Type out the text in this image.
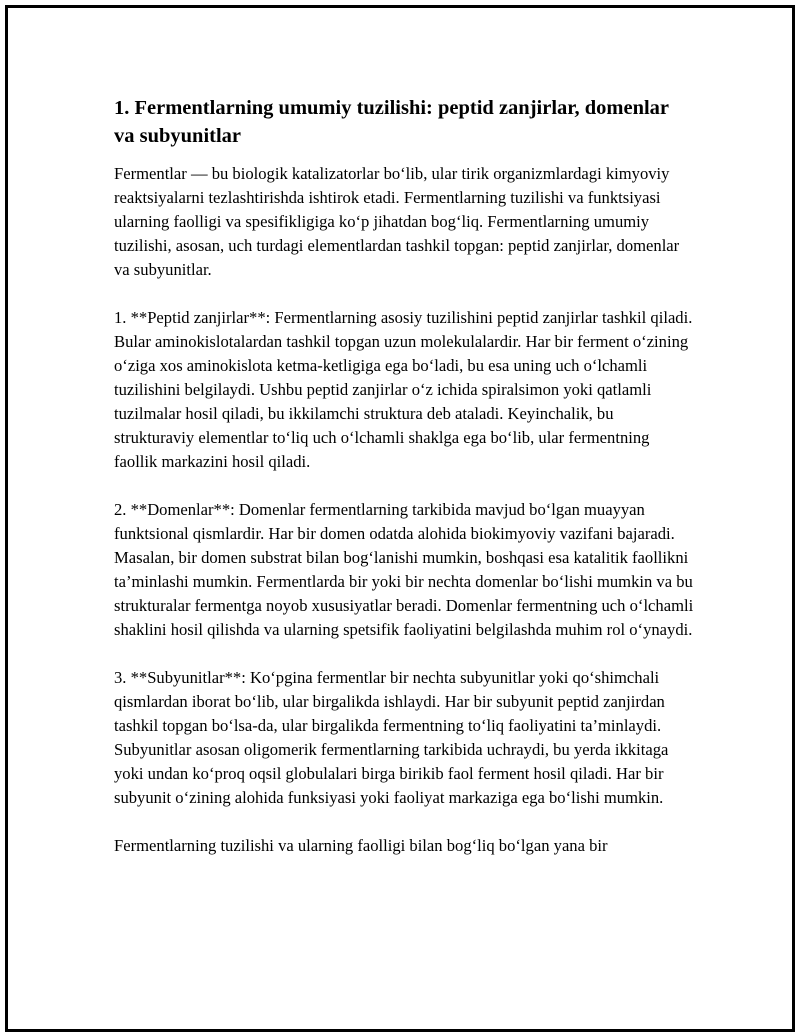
1. Fermentlarning umumiy tuzilishi: peptid zanjirlar, domenlar va subyunitlar

Fermentlar — bu biologik katalizatorlar bo‘lib, ular tirik organizmlardagi kimyoviy reaktsiyalarni tezlashtirishda ishtirok etadi. Fermentlarning tuzilishi va funktsiyasi ularning faolligi va spesifikligiga ko‘p jihatdan bog‘liq. Fermentlarning umumiy tuzilishi, asosan, uch turdagi elementlardan tashkil topgan: peptid zanjirlar, domenlar va subyunitlar.

1. **Peptid zanjirlar**: Fermentlarning asosiy tuzilishini peptid zanjirlar tashkil qiladi. Bular aminokislotalardan tashkil topgan uzun molekulalardir. Har bir ferment o‘zining o‘ziga xos aminokislota ketma-ketligiga ega bo‘ladi, bu esa uning uch o‘lchamli tuzilishini belgilaydi. Ushbu peptid zanjirlar o‘z ichida spiralsimon yoki qatlamli tuzilmalar hosil qiladi, bu ikkilamchi struktura deb ataladi. Keyinchalik, bu strukturaviy elementlar to‘liq uch o‘lchamli shaklga ega bo‘lib, ular fermentning faollik markazini hosil qiladi.

2. **Domenlar**: Domenlar fermentlarning tarkibida mavjud bo‘lgan muayyan funktsional qismlardir. Har bir domen odatda alohida biokimyoviy vazifani bajaradi. Masalan, bir domen substrat bilan bog‘lanishi mumkin, boshqasi esa katalitik faollikni ta’minlashi mumkin. Fermentlarda bir yoki bir nechta domenlar bo‘lishi mumkin va bu strukturalar fermentga noyob xususiyatlar beradi. Domenlar fermentning uch o‘lchamli shaklini hosil qilishda va ularning spetsifik faoliyatini belgilashda muhim rol o‘ynaydi.

3. **Subyunitlar**: Ko‘pgina fermentlar bir nechta subyunitlar yoki qo‘shimchali qismlardan iborat bo‘lib, ular birgalikda ishlaydi. Har bir subyunit peptid zanjirdan tashkil topgan bo‘lsa-da, ular birgalikda fermentning to‘liq faoliyatini ta’minlaydi. Subyunitlar asosan oligomerik fermentlarning tarkibida uchraydi, bu yerda ikkitaga yoki undan ko‘proq oqsil globulalari birga birikib faol ferment hosil qiladi. Har bir subyunit o‘zining alohida funksiyasi yoki faoliyat markaziga ega bo‘lishi mumkin.

Fermentlarning tuzilishi va ularning faolligi bilan bog‘liq bo‘lgan yana bir
